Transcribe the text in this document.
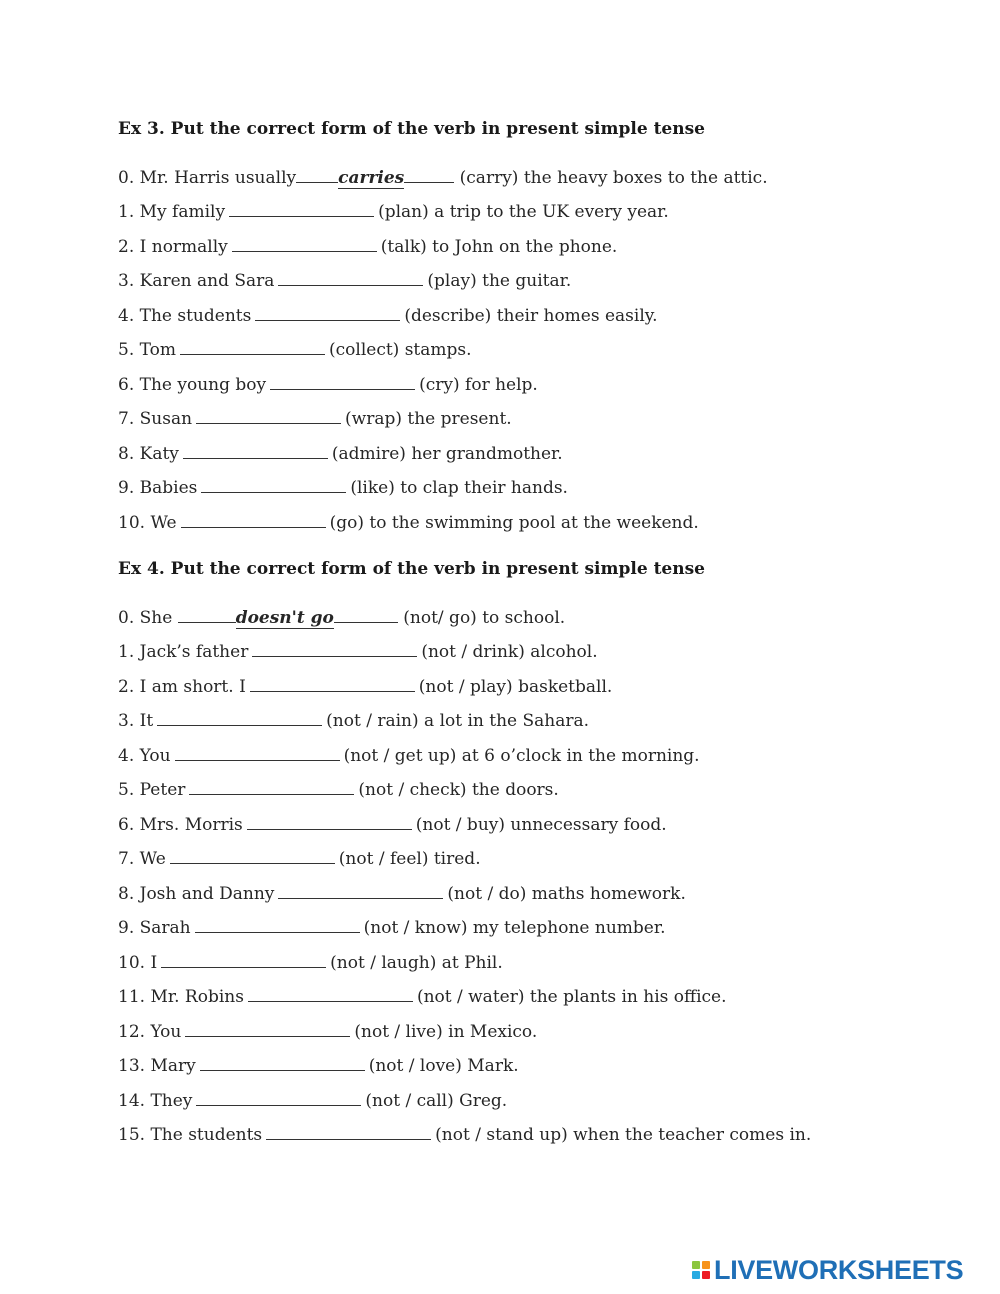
Ex 3. Put the correct form of the verb in present simple tense
0. Mr. Harris usually carries	(carry) the heavy boxes to the attic.
1. My family	(plan) a trip to the UK every year.
2. I normally	(talk) to John on the phone.
3. Karen and Sara	(play) the guitar.
4. The students	(describe) their homes easily.
5. Tom	(collect) stamps.
6. The young boy	(cry) for help.
7. Susan	(wrap) the present.
8. Katy	(admire) her grandmother.
9. Babies	(like) to clap their hands.
10. We	(go) to the swimming pool at the weekend.
Ex 4. Put the correct form of the verb in present simple tense
0. She	doesn't go	(not/ go) to school.
1. Jack’s father	(not / drink) alcohol.
2. I am short. I	(not / play) basketball.
3. It	(not / rain) a lot in the Sahara.
4. You	(not / get up) at 6 o’clock in the morning.
5. Peter	(not / check) the doors.
6. Mrs. Morris	(not / buy) unnecessary food.
7. We	(not / feel) tired.
8. Josh and Danny	(not / do) maths homework.
9. Sarah	(not / know) my telephone number.
10. I	(not / laugh) at Phil.
11. Mr. Robins	(not / water) the plants in his office.
12. You	(not / live) in Mexico.
13. Mary	(not / love) Mark.
14. They	(not / call) Greg.
15. The students	(not / stand up) when the teacher comes in.
LIVEWORKSHEETS
